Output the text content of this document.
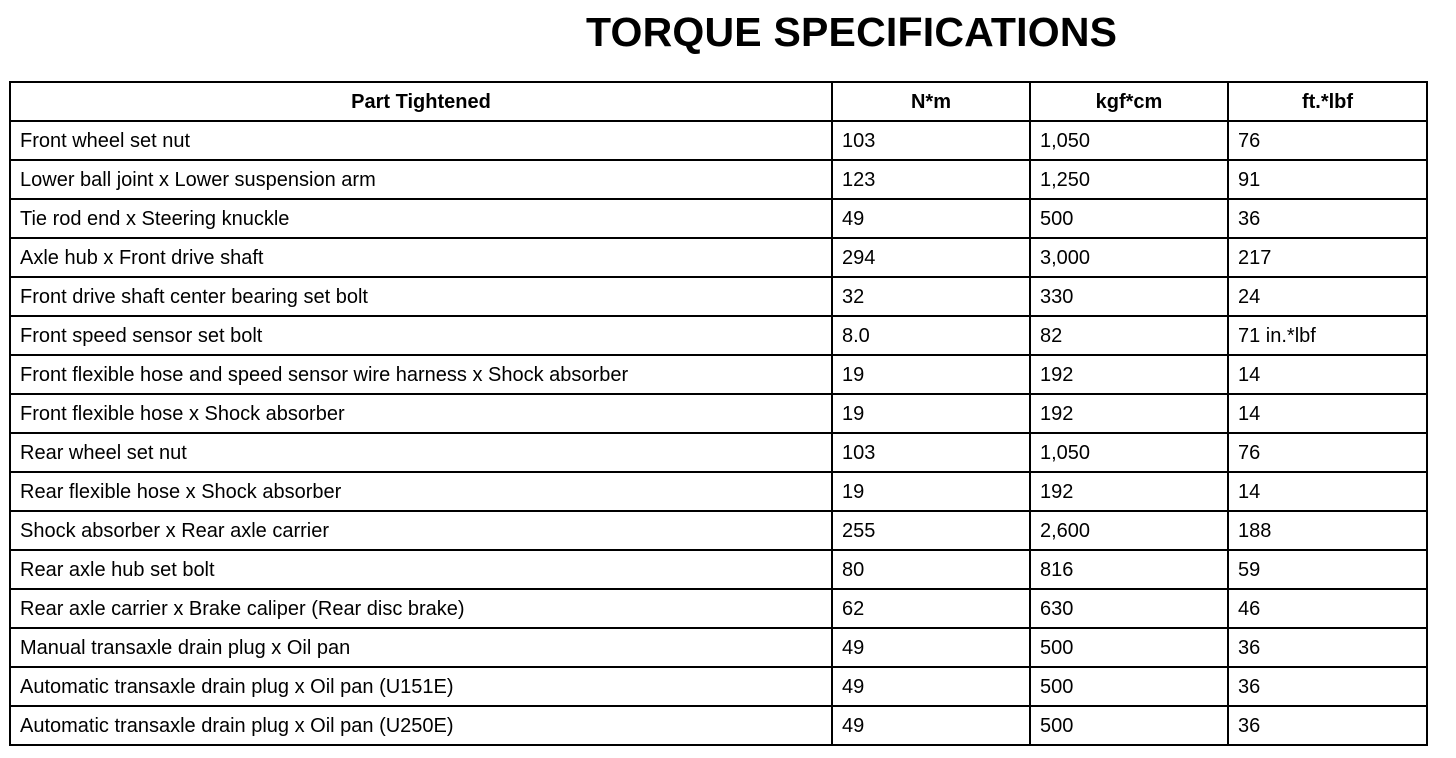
TORQUE SPECIFICATIONS
Part Tightened	N*m	kgf*cm	ft.*lbf
Front wheel set nut	103	1,050	76
Lower ball joint x Lower suspension arm	123	1,250	91
Tie rod end x Steering knuckle	49	500	36
Axle hub x Front drive shaft	294	3,000	217
Front drive shaft center bearing set bolt	32	330	24
Front speed sensor set bolt	8.0	82	71 in.*lbf
Front flexible hose and speed sensor wire harness x Shock absorber	19	192	14
Front flexible hose x Shock absorber	19	192	14
Rear wheel set nut	103	1,050	76
Rear flexible hose x Shock absorber	19	192	14
Shock absorber x Rear axle carrier	255	2,600	188
Rear axle hub set bolt	80	816	59
Rear axle carrier x Brake caliper (Rear disc brake)	62	630	46
Manual transaxle drain plug x Oil pan	49	500	36
Automatic transaxle drain plug x Oil pan (U151E)	49	500	36
Automatic transaxle drain plug x Oil pan (U250E)	49	500	36
